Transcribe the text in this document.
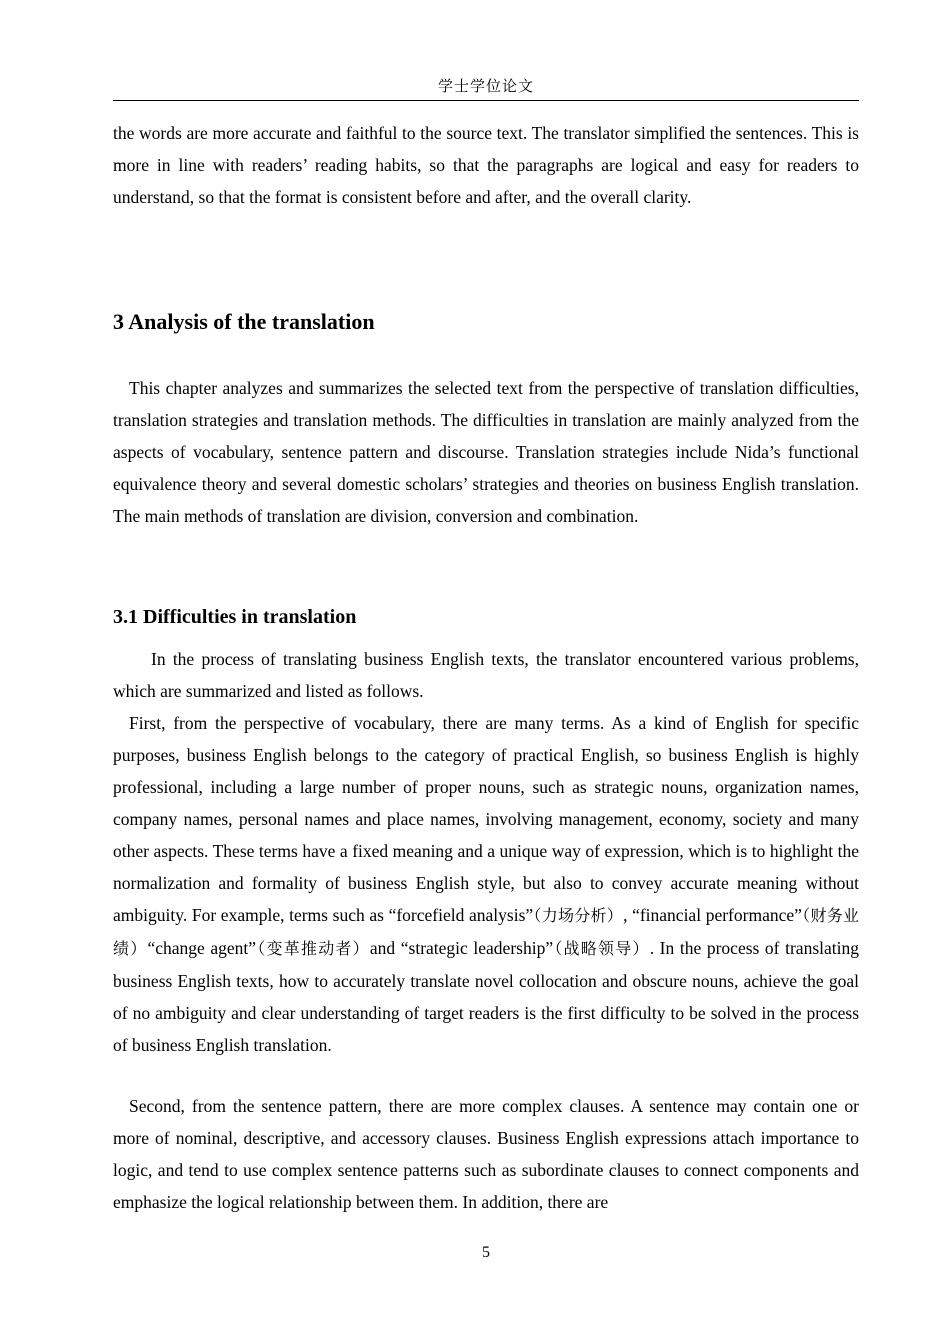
学士学位论文

the words are more accurate and faithful to the source text. The translator simplified the sentences. This is more in line with readers’ reading habits, so that the paragraphs are logical and easy for readers to understand, so that the format is consistent before and after, and the overall clarity.

3 Analysis of the translation

This chapter analyzes and summarizes the selected text from the perspective of translation difficulties, translation strategies and translation methods. The difficulties in translation are mainly analyzed from the aspects of vocabulary, sentence pattern and discourse. Translation strategies include Nida’s functional equivalence theory and several domestic scholars’ strategies and theories on business English translation. The main methods of translation are division, conversion and combination.

3.1 Difficulties in translation

In the process of translating business English texts, the translator encountered various problems, which are summarized and listed as follows.

First, from the perspective of vocabulary, there are many terms. As a kind of English for specific purposes, business English belongs to the category of practical English, so business English is highly professional, including a large number of proper nouns, such as strategic nouns, organization names, company names, personal names and place names, involving management, economy, society and many other aspects. These terms have a fixed meaning and a unique way of expression, which is to highlight the normalization and formality of business English style, but also to convey accurate meaning without ambiguity. For example, terms such as “forcefield analysis”（力场分析）, “financial performance”（财务业绩）“change agent”（变革推动者）and “strategic leadership”（战略领导）. In the process of translating business English texts, how to accurately translate novel collocation and obscure nouns, achieve the goal of no ambiguity and clear understanding of target readers is the first difficulty to be solved in the process of business English translation.

Second, from the sentence pattern, there are more complex clauses. A sentence may contain one or more of nominal, descriptive, and accessory clauses. Business English expressions attach importance to logic, and tend to use complex sentence patterns such as subordinate clauses to connect components and emphasize the logical relationship between them. In addition, there are

5
